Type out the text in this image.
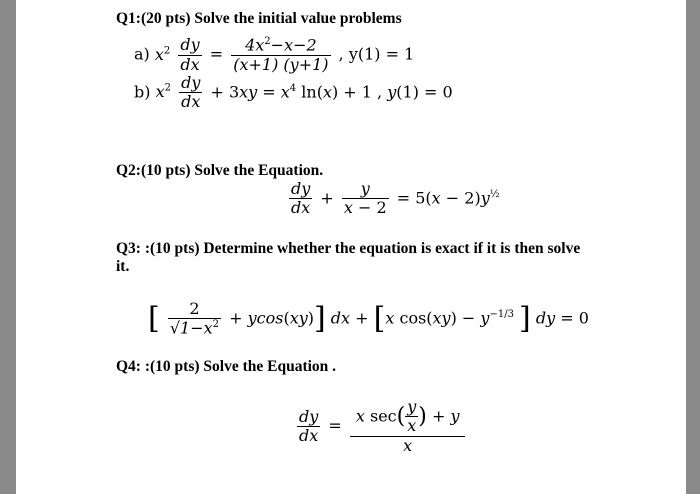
Q1:(20 pts) Solve the initial value problems
a) $x^2 \frac{dy}{dx} = \frac{4x^2-x-2}{(x+1) (y+1)}$ , y(1) = 1
b) $x^2 \frac{dy}{dx} + 3xy = x^4$ ln(x) + 1 , y(1) = 0
Q2:(10 pts) Solve the Equation.
$\frac{dy}{dx} + \frac{y}{x - 2} = 5(x - 2)y^{\frac{1}{2}}$
Q3: :(10 pts) Determine whether the equation is exact if it is then solve
it.
[ $\frac{2}{√1-x^2} + ycos(xy)$] dx + [x $\cos(xy) - y^{-1/3}$ ] dy = 0
Q4: :(10 pts) Solve the Equation .
$\frac{dy}{dx} = \frac{x \sec( \frac{y}{x} ) + y}{x}$
